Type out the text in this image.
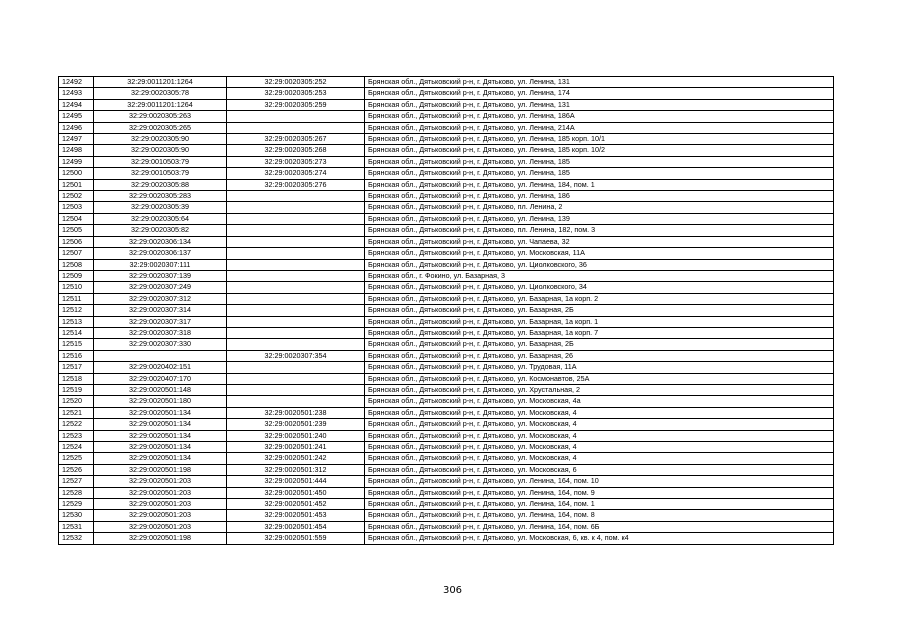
12492	32:29:0011201:1264	32:29:0020305:252	Брянская обл., Дятьковский р-н, г. Дятьково, ул. Ленина, 131
12493	32:29:0020305:78	32:29:0020305:253	Брянская обл., Дятьковский р-н, г. Дятьково, ул. Ленина, 174
12494	32:29:0011201:1264	32:29:0020305:259	Брянская обл., Дятьковский р-н, г. Дятьково, ул. Ленина, 131
12495	32:29:0020305:263		Брянская обл., Дятьковский р-н, г. Дятьково, ул. Ленина, 186А
12496	32:29:0020305:265		Брянская обл., Дятьковский р-н, г. Дятьково, ул. Ленина, 214А
12497	32:29:0020305:90	32:29:0020305:267	Брянская обл., Дятьковский р-н, г. Дятьково, ул. Ленина, 185 корп. 10/1
12498	32:29:0020305:90	32:29:0020305:268	Брянская обл., Дятьковский р-н, г. Дятьково, ул. Ленина, 185 корп. 10/2
12499	32:29:0010503:79	32:29:0020305:273	Брянская обл., Дятьковский р-н, г. Дятьково, ул. Ленина, 185
12500	32:29:0010503:79	32:29:0020305:274	Брянская обл., Дятьковский р-н, г. Дятьково, ул. Ленина, 185
12501	32:29:0020305:88	32:29:0020305:276	Брянская обл., Дятьковский р-н, г. Дятьково, ул. Ленина, 184, пом. 1
12502	32:29:0020305:283		Брянская обл., Дятьковский р-н, г. Дятьково, ул. Ленина, 186
12503	32:29:0020305:39		Брянская обл., Дятьковский р-н, г. Дятьково, пл. Ленина, 2
12504	32:29:0020305:64		Брянская обл., Дятьковский р-н, г. Дятьково, ул. Ленина, 139
12505	32:29:0020305:82		Брянская обл., Дятьковский р-н, г. Дятьково, пл. Ленина, 182, пом. 3
12506	32:29:0020306:134		Брянская обл., Дятьковский р-н, г. Дятьково, ул. Чапаева, 32
12507	32:29:0020306:137		Брянская обл., Дятьковский р-н, г. Дятьково, ул. Московская, 11А
12508	32:29:0020307:111		Брянская обл., Дятьковский р-н, г. Дятьково, ул. Циолковского, 36
12509	32:29:0020307:139		Брянская обл., г. Фокино, ул. Базарная, 3
12510	32:29:0020307:249		Брянская обл., Дятьковский р-н, г. Дятьково, ул. Циолковского, 34
12511	32:29:0020307:312		Брянская обл., Дятьковский р-н, г. Дятьково, ул. Базарная, 1а корп. 2
12512	32:29:0020307:314		Брянская обл., Дятьковский р-н, г. Дятьково, ул. Базарная, 2Б
12513	32:29:0020307:317		Брянская обл., Дятьковский р-н, г. Дятьково, ул. Базарная, 1а корп. 1
12514	32:29:0020307:318		Брянская обл., Дятьковский р-н, г. Дятьково, ул. Базарная, 1а корп. 7
12515	32:29:0020307:330		Брянская обл., Дятьковский р-н, г. Дятьково, ул. Базарная, 2Б
12516		32:29:0020307:354	Брянская обл., Дятьковский р-н, г. Дятьково, ул. Базарная, 26
12517	32:29:0020402:151		Брянская обл., Дятьковский р-н, г. Дятьково, ул. Трудовая, 11А
12518	32:29:0020407:170		Брянская обл., Дятьковский р-н, г. Дятьково, ул. Космонавтов, 25А
12519	32:29:0020501:148		Брянская обл., Дятьковский р-н, г. Дятьково, ул. Хрустальная, 2
12520	32:29:0020501:180		Брянская обл., Дятьковский р-н, г. Дятьково, ул. Московская, 4а
12521	32:29:0020501:134	32:29:0020501:238	Брянская обл., Дятьковский р-н, г. Дятьково, ул. Московская, 4
12522	32:29:0020501:134	32:29:0020501:239	Брянская обл., Дятьковский р-н, г. Дятьково, ул. Московская, 4
12523	32:29:0020501:134	32:29:0020501:240	Брянская обл., Дятьковский р-н, г. Дятьково, ул. Московская, 4
12524	32:29:0020501:134	32:29:0020501:241	Брянская обл., Дятьковский р-н, г. Дятьково, ул. Московская, 4
12525	32:29:0020501:134	32:29:0020501:242	Брянская обл., Дятьковский р-н, г. Дятьково, ул. Московская, 4
12526	32:29:0020501:198	32:29:0020501:312	Брянская обл., Дятьковский р-н, г. Дятьково, ул. Московская, 6
12527	32:29:0020501:203	32:29:0020501:444	Брянская обл., Дятьковский р-н, г. Дятьково, ул. Ленина, 164, пом. 10
12528	32:29:0020501:203	32:29:0020501:450	Брянская обл., Дятьковский р-н, г. Дятьково, ул. Ленина, 164, пом. 9
12529	32:29:0020501:203	32:29:0020501:452	Брянская обл., Дятьковский р-н, г. Дятьково, ул. Ленина, 164, пом. 1
12530	32:29:0020501:203	32:29:0020501:453	Брянская обл., Дятьковский р-н, г. Дятьково, ул. Ленина, 164, пом. 8
12531	32:29:0020501:203	32:29:0020501:454	Брянская обл., Дятьковский р-н, г. Дятьково, ул. Ленина, 164, пом. 6Б
12532	32:29:0020501:198	32:29:0020501:559	Брянская обл., Дятьковский р-н, г. Дятьково, ул. Московская, 6, кв. к 4, пом. к4
306
